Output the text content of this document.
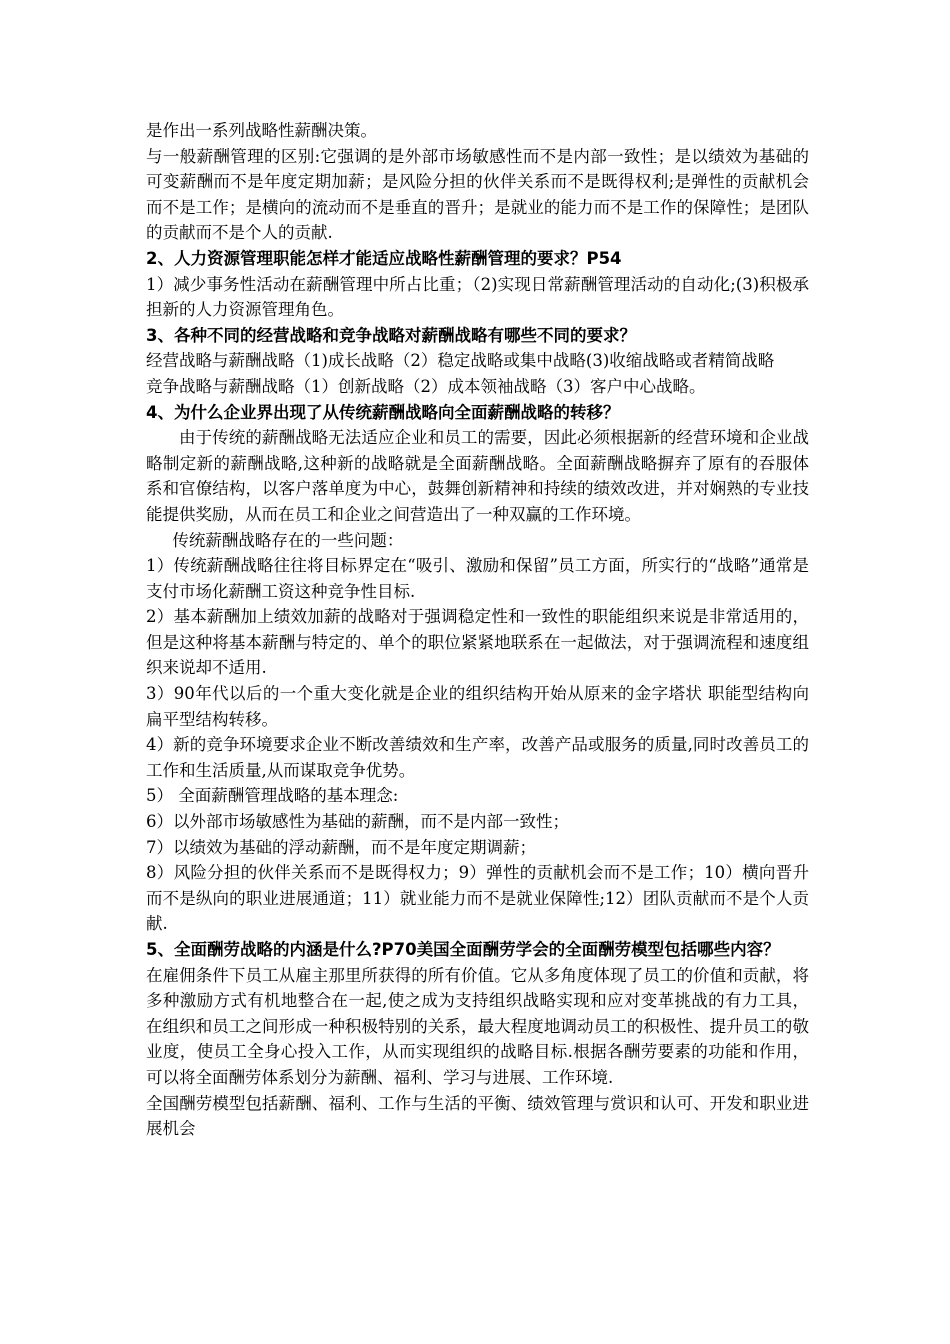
是作出一系列战略性薪酬决策。

与一般薪酬管理的区别:它强调的是外部市场敏感性而不是内部一致性；是以绩效为基础的可变薪酬而不是年度定期加薪；是风险分担的伙伴关系而不是既得权利;是弹性的贡献机会而不是工作；是横向的流动而不是垂直的晋升；是就业的能力而不是工作的保障性；是团队的贡献而不是个人的贡献.

2、人力资源管理职能怎样才能适应战略性薪酬管理的要求？P54

1）减少事务性活动在薪酬管理中所占比重；（2)实现日常薪酬管理活动的自动化;(3)积极承担新的人力资源管理角色。

3、各种不同的经营战略和竞争战略对薪酬战略有哪些不同的要求？

经营战略与薪酬战略（1)成长战略（2）稳定战略或集中战略(3)收缩战略或者精简战略

竞争战略与薪酬战略（1）创新战略（2）成本领袖战略（3）客户中心战略。

4、为什么企业界出现了从传统薪酬战略向全面薪酬战略的转移？

由于传统的薪酬战略无法适应企业和员工的需要，因此必须根据新的经营环境和企业战略制定新的薪酬战略,这种新的战略就是全面薪酬战略。全面薪酬战略摒弃了原有的吞服体系和官僚结构，以客户落单度为中心，鼓舞创新精神和持续的绩效改进，并对娴熟的专业技能提供奖励，从而在员工和企业之间营造出了一种双赢的工作环境。

传统薪酬战略存在的一些问题：

1）传统薪酬战略往往将目标界定在“吸引、激励和保留”员工方面，所实行的“战略”通常是支付市场化薪酬工资这种竞争性目标.

2）基本薪酬加上绩效加薪的战略对于强调稳定性和一致性的职能组织来说是非常适用的，但是这种将基本薪酬与特定的、单个的职位紧紧地联系在一起做法，对于强调流程和速度组织来说却不适用.

3）90年代以后的一个重大变化就是企业的组织结构开始从原来的金字塔状 职能型结构向扁平型结构转移。

4）新的竞争环境要求企业不断改善绩效和生产率，改善产品或服务的质量,同时改善员工的工作和生活质量,从而谋取竞争优势。

5） 全面薪酬管理战略的基本理念:

6）以外部市场敏感性为基础的薪酬，而不是内部一致性；

7）以绩效为基础的浮动薪酬，而不是年度定期调薪；

8）风险分担的伙伴关系而不是既得权力；9）弹性的贡献机会而不是工作；10）横向晋升而不是纵向的职业进展通道；11）就业能力而不是就业保障性;12）团队贡献而不是个人贡献.

5、全面酬劳战略的内涵是什么?P70美国全面酬劳学会的全面酬劳模型包括哪些内容？

在雇佣条件下员工从雇主那里所获得的所有价值。它从多角度体现了员工的价值和贡献，将多种激励方式有机地整合在一起,使之成为支持组织战略实现和应对变革挑战的有力工具，在组织和员工之间形成一种积极特别的关系，最大程度地调动员工的积极性、提升员工的敬业度，使员工全身心投入工作，从而实现组织的战略目标.根据各酬劳要素的功能和作用，可以将全面酬劳体系划分为薪酬、福利、学习与进展、工作环境.

全国酬劳模型包括薪酬、福利、工作与生活的平衡、绩效管理与赏识和认可、开发和职业进展机会
